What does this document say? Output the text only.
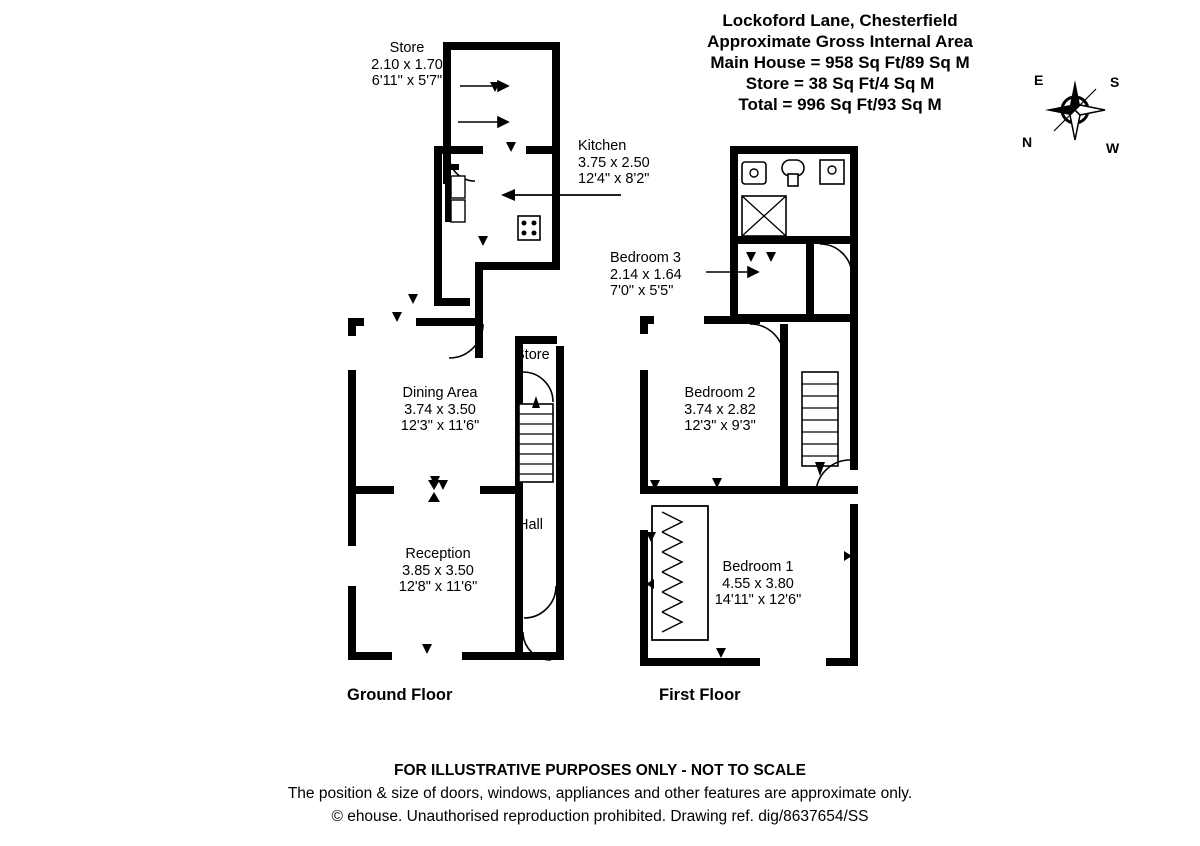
Lockoford Lane, Chesterfield
Approximate Gross Internal Area
Main House = 958 Sq Ft/89 Sq M
Store = 38 Sq Ft/4 Sq M
Total = 996 Sq Ft/93 Sq M
E	S
N	W
Store
2.10 x 1.70
6'11" x 5'7"
Kitchen
3.75 x 2.50
12'4" x 8'2"
Dining Area
3.74 x 3.50
12'3" x 11'6"
Reception
3.85 x 3.50
12'8" x 11'6"
Store
Hall
Bedroom 3
2.14 x 1.64
7'0" x 5'5"
Bedroom 2
3.74 x 2.82
12'3" x 9'3"
Bedroom 1
4.55 x 3.80
14'11" x 12'6"
Ground Floor	First Floor
FOR ILLUSTRATIVE PURPOSES ONLY - NOT TO SCALE
The position & size of doors, windows, appliances and other features are approximate only.
© ehouse. Unauthorised reproduction prohibited. Drawing ref. dig/8637654/SS
